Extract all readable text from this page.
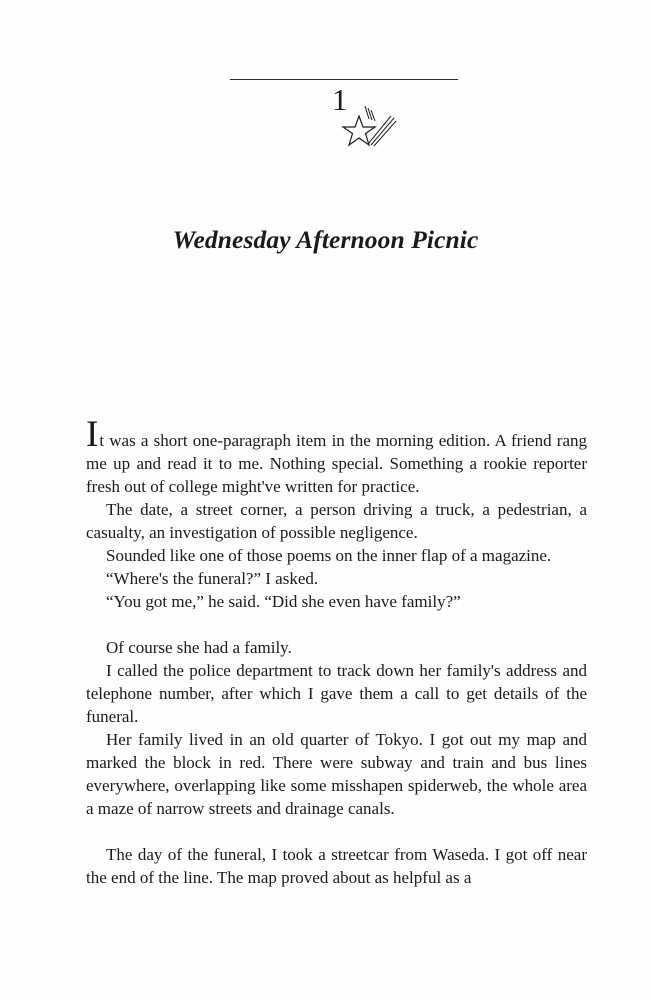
1
Wednesday Afternoon Picnic

It was a short one-paragraph item in the morning edition. A friend rang me up and read it to me. Nothing special. Something a rookie reporter fresh out of college might've written for practice.

The date, a street corner, a person driving a truck, a pedestrian, a casualty, an investigation of possible negligence.

Sounded like one of those poems on the inner flap of a magazine.

“Where's the funeral?” I asked.

“You got me,” he said. “Did she even have family?”

Of course she had a family.

I called the police department to track down her family's address and telephone number, after which I gave them a call to get details of the funeral.

Her family lived in an old quarter of Tokyo. I got out my map and marked the block in red. There were subway and train and bus lines everywhere, overlapping like some misshapen spiderweb, the whole area a maze of narrow streets and drainage canals.

The day of the funeral, I took a streetcar from Waseda. I got off near the end of the line. The map proved about as helpful as a
